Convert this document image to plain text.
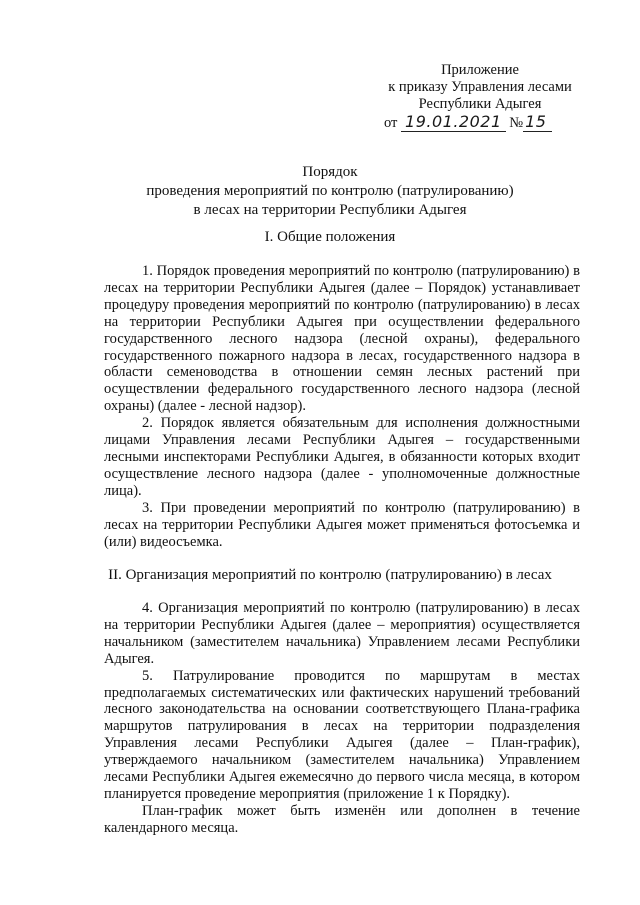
Приложение
к приказу Управления лесами
Республики Адыгея
от 19.01.2021 № 15
Порядок
проведения мероприятий по контролю (патрулированию)
в лесах на территории Республики Адыгея
I. Общие положения

1. Порядок проведения мероприятий по контролю (патрулированию) в лесах на территории Республики Адыгея (далее – Порядок) устанавливает процедуру проведения мероприятий по контролю (патрулированию) в лесах на территории Республики Адыгея при осуществлении федерального государственного лесного надзора (лесной охраны), федерального государственного пожарного надзора в лесах, государственного надзора в области семеноводства в отношении семян лесных растений при осуществлении федерального государственного лесного надзора (лесной охраны) (далее - лесной надзор).

2. Порядок является обязательным для исполнения должностными лицами Управления лесами Республики Адыгея – государственными лесными инспекторами Республики Адыгея, в обязанности которых входит осуществление лесного надзора (далее - уполномоченные должностные лица).

3. При проведении мероприятий по контролю (патрулированию) в лесах на территории Республики Адыгея может применяться фотосъемка и (или) видеосъемка.

II. Организация мероприятий по контролю (патрулированию) в лесах

4. Организация мероприятий по контролю (патрулированию) в лесах на территории Республики Адыгея (далее – мероприятия) осуществляется начальником (заместителем начальника) Управлением лесами Республики Адыгея.

5. Патрулирование проводится по маршрутам в местах предполагаемых систематических или фактических нарушений требований лесного законодательства на основании соответствующего Плана-графика маршрутов патрулирования в лесах на территории подразделения Управления лесами Республики Адыгея (далее – План-график), утверждаемого начальником (заместителем начальника) Управлением лесами Республики Адыгея ежемесячно до первого числа месяца, в котором планируется проведение мероприятия (приложение 1 к Порядку).

План-график может быть изменён или дополнен в течение календарного месяца.
